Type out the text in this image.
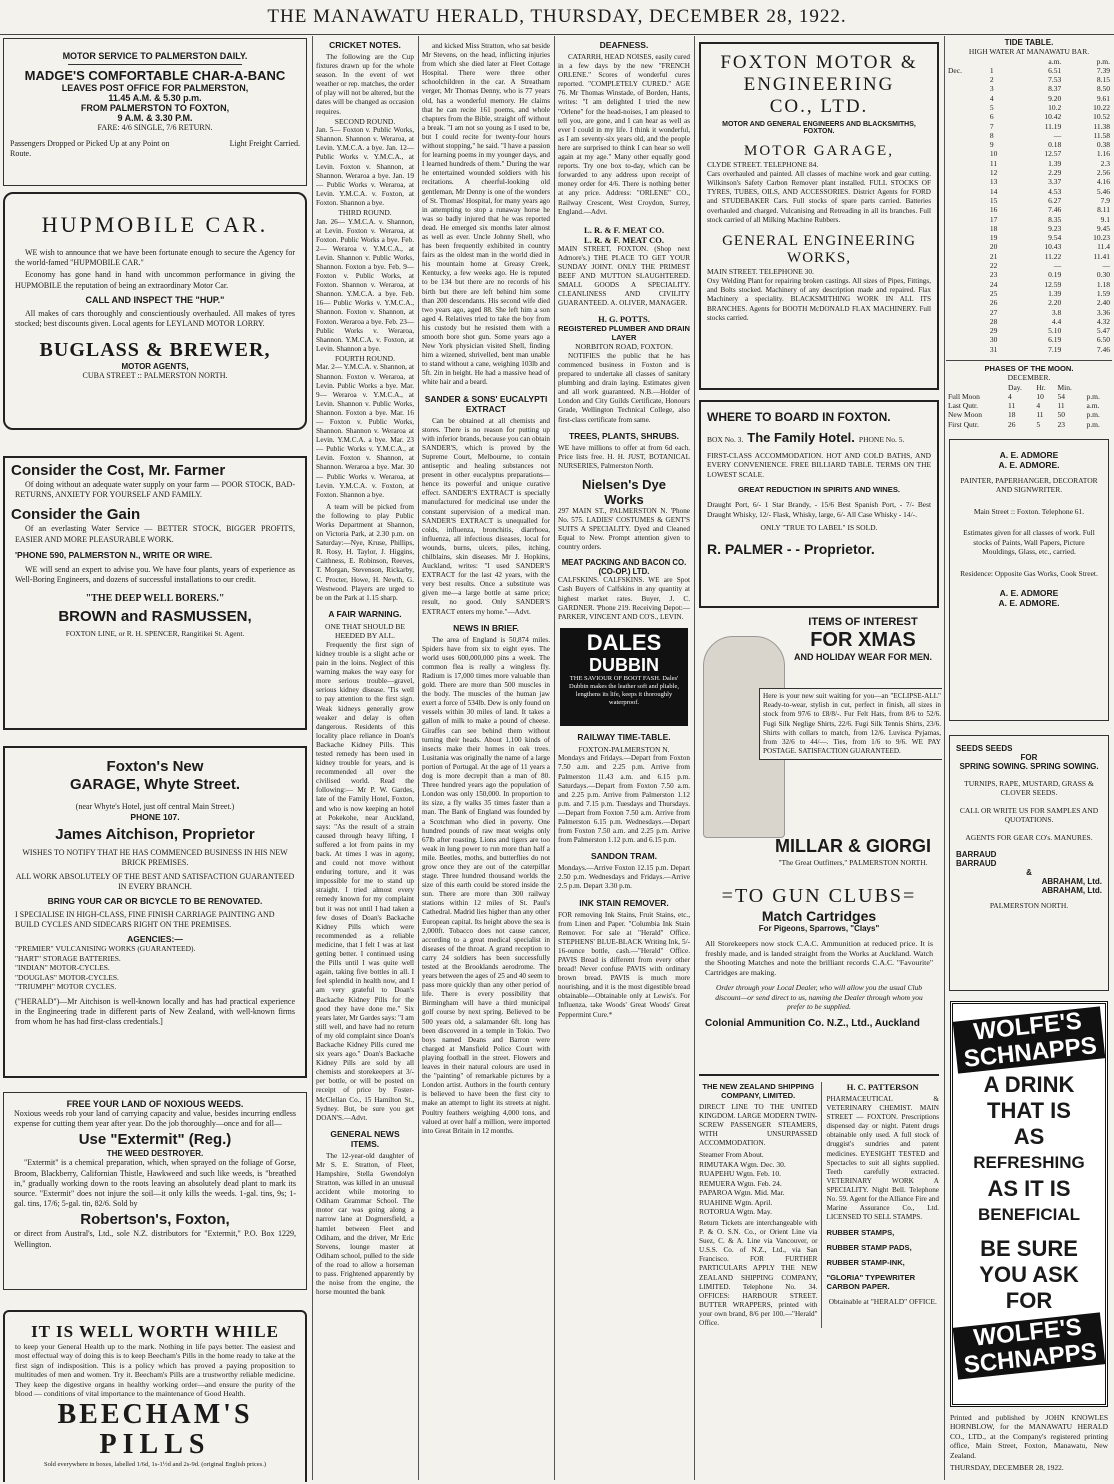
THE MANAWATU HERALD, THURSDAY, DECEMBER 28, 1922.
MOTOR SERVICE TO PALMERSTON DAILY.
MADGE'S COMFORTABLE CHAR-A-BANC
LEAVES POST OFFICE FOR PALMERSTON,
11.45 A.M. & 5.30 p.m.
FROM PALMERSTON TO FOXTON,
9 A.M. & 3.30 P.M.
FARE: 4/6 SINGLE, 7/6 RETURN.
Passengers Dropped or Picked Up at any Point on Route.
Light Freight Carried.
HUPMOBILE CAR.
WE wish to announce that we have been fortunate enough to secure the Agency for the world-famed "HUPMOBILE CAR."
Economy has gone hand in hand with uncommon performance in giving the HUPMOBILE the reputation of being an extraordinary Motor Car.
CALL AND INSPECT THE "HUP."
All makes of cars thoroughly and conscientiously overhauled. All makes of tyres stocked; best discounts given. Local agents for LEYLAND MOTOR LORRY.
BUGLASS & BREWER,
MOTOR AGENTS,
CUBA STREET :: PALMERSTON NORTH.
Consider the Cost, Mr. Farmer
Of doing without an adequate water supply on your farm — POOR STOCK, BAD-RETURNS, ANXIETY FOR YOURSELF AND FAMILY.
Consider the Gain
Of an everlasting Water Service — BETTER STOCK, BIGGER PROFITS, EASIER AND MORE PLEASURABLE WORK.
'PHONE 590, PALMERSTON N., WRITE OR WIRE.
WE will send an expert to advise you. We have four plants, years of experience as Well-Boring Engineers, and dozens of successful installations to our credit.
"THE DEEP WELL BORERS."
BROWN and RASMUSSEN,
FOXTON LINE, or R. H. SPENCER, Rangitikei St. Agent.
Foxton's New
GARAGE, Whyte Street.
(near Whyte's Hotel, just off central Main Street.)
PHONE 107.
James Aitchison, Proprietor
WISHES TO NOTIFY THAT HE HAS COMMENCED BUSINESS IN HIS NEW BRICK PREMISES.
ALL WORK ABSOLUTELY OF THE BEST AND SATISFACTION GUARANTEED IN EVERY BRANCH.
BRING YOUR CAR OR BICYCLE TO BE RENOVATED.
I SPECIALISE IN HIGH-CLASS, FINE FINISH CARRIAGE PAINTING AND BUILD CYCLES AND SIDECARS RIGHT ON THE PREMISES.
AGENCIES:—
"PREMIER" VULCANISING WORKS (GUARANTEED).
"HART" STORAGE BATTERIES.
"INDIAN" MOTOR-CYCLES.
"DOUGLAS" MOTOR-CYCLES.
"TRIUMPH" MOTOR CYCLES.
("HERALD")—Mr Aitchison is well-known locally and has had practical experience in the Engineering trade in different parts of New Zealand, with well-known firms from whom he has had first-class credentials.]
FREE YOUR LAND OF NOXIOUS WEEDS.
Noxious weeds rob your land of carrying capacity and value, besides incurring endless expense for cutting them year after year. Do the job thoroughly—once and for all—
Use "Extermit" (Reg.)
THE WEED DESTROYER.
"Extermit" is a chemical preparation, which, when sprayed on the foliage of Gorse, Broom, Blackberry, Californian Thistle, Hawkweed and such like weeds, is "breathed in," gradually working down to the roots leaving an absolutely dead plant to mark its source. "Extermit" does not injure the soil—it only kills the weeds. 1-gal. tins, 9s; 1-gal. tins, 17/6; 5-gal. tin, 82/6. Sold by
Robertson's, Foxton,
or direct from Austral's, Ltd., sole N.Z. distributors for "Extermit," P.O. Box 1229, Wellington.
IT IS WELL WORTH WHILE
to keep your General Health up to the mark. Nothing in life pays better. The easiest and most effectual way of doing this is to keep Beecham's Pills in the home ready to take at the first sign of indisposition. This is a policy which has proved a paying proposition to multitudes of men and women. Try it. Beecham's Pills are a trustworthy reliable medicine. They keep the digestive organs in healthy working order—and ensure the purity of the blood — conditions of vital importance to the maintenance of Good Health.
BEECHAM'S
PILLS
Sold everywhere in boxes, labelled 1/6d, 1s-1½d and 2s-9d. (original English prices.)
CRICKET NOTES.
The following are the Cup fixtures drawn up for the whole season. In the event of wet weather or rep. matches, the order of play will not be altered, but the dates will be changed as occasion requires.
SECOND ROUND.
Jan. 5— Foxton v. Public Works, Shannon. Shannon v. Weraroa, at Levin. Y.M.C.A. a bye. Jan. 12— Public Works v. Y.M.C.A., at Levin. Foxton v. Shannon, at Shannon. Weraroa a bye. Jan. 19— Public Works v. Weraroa, at Levin. Y.M.C.A. v. Foxton, at Foxton. Shannon a bye.
THIRD ROUND.
Jan. 26— Y.M.C.A. v. Shannon, at Levin. Foxton v. Weraroa, at Foxton. Public Works a bye. Feb. 2— Weraroa v. Y.M.C.A., at Levin. Shannon v. Public Works, Shannon. Foxton a bye. Feb. 9— Foxton v. Public Works, at Foxton. Shannon v. Weraroa, at Shannon. Y.M.C.A. a bye. Feb. 16— Public Works v. Y.M.C.A., Shannon. Foxton v. Shannon, at Foxton. Weraroa a bye. Feb. 23— Public Works v. Weraroa, Shannon. Y.M.C.A. v. Foxton, at Levin. Shannon a bye.
FOURTH ROUND.
Mar. 2— Y.M.C.A. v. Shannon, at Shannon. Foxton v. Weraroa, at Levin. Public Works a bye. Mar. 9— Weraroa v. Y.M.C.A., at Levin. Shannon v. Public Works, Shannon. Foxton a bye. Mar. 16— Foxton v. Public Works, Shannon. Shannon v. Weraroa at Levin. Y.M.C.A. a bye. Mar. 23— Public Works v. Y.M.C.A., at Levin. Foxton v. Shannon, at Shannon. Weraroa a bye. Mar. 30— Public Works v. Weraroa, at Levin. Y.M.C.A. v. Foxton, at Foxton. Shannon a bye.
A team will be picked from the following to play Public Works Department at Shannon, on Victoria Park, at 2.30 p.m. on Saturday:—Nye, Kruse, Phillips, R. Rosy, H. Taylor, J. Higgins, Caithness, E. Robinson, Reeves, T. Morgan, Stevenson, Rickarby, C. Procter, Howe, H. Newth, G. Westwood. Players are urged to be on the Park at 1.15 sharp.
A FAIR WARNING.
ONE THAT SHOULD BE HEEDED BY ALL.
Frequently the first sign of kidney trouble is a slight ache or pain in the loins. Neglect of this warning makes the way easy for more serious trouble—gravel, serious kidney disease. 'Tis well to pay attention to the first sign. Weak kidneys generally grow weaker and delay is often dangerous. Residents of this locality place reliance in Doan's Backache Kidney Pills. This tested remedy has been used in kidney trouble for years, and is recommended all over the civilised world. Read the following:— Mr P. W. Gardes, late of the Family Hotel, Foxton, and who is now keeping an hotel at Pokekohe, near Auckland, says: "As the result of a strain caused through heavy lifting, I suffered a lot from pains in my back. At times I was in agony, and could not move without enduring torture, and it was impossible for me to stand up straight. I tried almost every remedy known for my complaint but it was not until I had taken a few doses of Doan's Backache Kidney Pills which were recommended as a reliable medicine, that I felt I was at last getting better. I continued using the Pills until I was quite well again, taking five bottles in all. I feel splendid in health now, and I am very grateful to Doan's Backache Kidney Pills for the good they have done me." Six years later, Mr Gardes says: "I am still well, and have had no return of my old complaint since Doan's Backache Kidney Pills cured me six years ago." Doan's Backache Kidney Pills are sold by all chemists and storekeepers at 3/- per bottle, or will be posted on receipt of price by Foster-McClellan Co., 15 Hamilton St., Sydney. But, be sure you get DOAN'S.—Advt.
GENERAL NEWS ITEMS.
The 12-year-old daughter of Mr S. E. Stratton, of Fleet, Hampshire, Stella Gwendolyn Stratton, was killed in an unusual accident while motoring to Odiham Grammar School. The motor car was going along a narrow lane at Dogmersfield, a hamlet between Fleet and Odiham, and the driver, Mr Eric Stevens, lounge master at Odiham school, pulled to the side of the road to allow a horseman to pass. Frightened apparently by the noise from the engine, the horse mounted the bank
and kicked Miss Stratton, who sat beside Mr Stevens, on the head, inflicting injuries from which she died later at Fleet Cottage Hospital. There were three other schoolchildren in the car. A Streatham verger, Mr Thomas Denny, who is 77 years old, has a wonderful memory. He claims that he can recite 161 poems, and whole chapters from the Bible, straight off without a break. "I am not so young as I used to be, but I could recite for twenty-four hours without stopping," he said. "I have a passion for learning poems in my younger days, and I learned hundreds of them." During the war he entertained wounded soldiers with his recitations. A cheerful-looking old gentleman, Mr Denny is one of the wonders of St. Thomas' Hospital, for many years ago in attempting to stop a runaway horse he was so badly injured that he was reported dead. He emerged six months later almost as well as ever. Uncle Johnny Shell, who has been frequently exhibited in country fairs as the oldest man in the world died in his mountain home at Greasy Creek, Kentucky, a few weeks ago. He is reputed to be 134 but there are no records of his birth but there are left behind him some than 200 descendants. His second wife died two years ago, aged 88. She left him a son aged 4. Relatives tried to take the boy from his custody but he resisted them with a smooth bore shot gun. Some years ago a New York physician visited Shell, finding him a wizened, shrivelled, bent man unable to stand without a cane, weighing 103lb and 5ft. 2in in height. He had a massive head of white hair and a beard.
SANDER & SONS' EUCALYPTI EXTRACT
Can be obtained at all chemists and stores. There is no reason for putting up with inferior brands, because you can obtain SANDER'S, which is proved by the Supreme Court, Melbourne, to contain antiseptic and healing substances not present in other eucalyptus preparations—hence its powerful and unique curative effect. SANDER'S EXTRACT is specially manufactured for medicinal use under the constant supervision of a medical man. SANDER'S EXTRACT is unequalled for colds, influenza, bronchitis, diarrhoea, influenza, all infectious diseases, local for wounds, burns, ulcers, piles, itching, chilblains, skin diseases. Mr J. Hopkins, Auckland, writes: "I used SANDER'S EXTRACT for the last 42 years, with the very best results. Once a substitute was given me—a large bottle at same price; result, no good. Only SANDER'S EXTRACT enters my home."—Advt.
NEWS IN BRIEF.
The area of England is 50,874 miles. Spiders have from six to eight eyes. The world uses 600,000,000 pins a week. The common flea is really a wingless fly. Radium is 17,000 times more valuable than gold. There are more than 500 muscles in the body. The muscles of the human jaw exert a force of 534lb. Dew is only found on vessels within 30 miles of land. It takes a gallon of milk to make a pound of cheese. Giraffes can see behind them without turning their heads. About 1,100 kinds of insects make their homes in oak trees. Lusitania was originally the name of a large portion of Portugal. At the age of 11 years a dog is more decrepit than a man of 80. Three hundred years ago the population of London was only 150,000. In proportion to its size, a fly walks 35 times faster than a man. The Bank of England was founded by a Scotchman who died in poverty. One hundred pounds of raw meat weighs only 67lb after roasting. Lions and tigers are too weak in lung power to run more than half a mile. Beetles, moths, and butterflies do not grow once they are out of the caterpillar stage. Three hundred thousand worlds the size of this earth could be stored inside the sun. There are more than 300 railway stations within 12 miles of St. Paul's Cathedral. Madrid lies higher than any other European capital. Its height above the sea is 2,000ft. Tobacco does not cause cancer, according to a great medical specialist in diseases of the throat. A grand reception to carry 24 soldiers has been successfully tested at the Brooklands aerodrome. The years between the ages of 25 and 40 seem to pass more quickly than any other period of life. There is every possibility that Birmingham will have a third municipal golf course by next spring. Believed to be 500 years old, a salamander 6ft. long has been discovered in a temple in Tokio. Two boys named Deans and Barron were charged at Mansfield Police Court with playing football in the street. Flowers and leaves in their natural colours are used in the "painting" of remarkable pictures by a London artist. Authors in the fourth century is believed to have been the first city to make an attempt to light its streets at night. Poultry feathers weighing 4,000 tons, and valued at over half a million, were imported into Great Britain in 12 months.
DEAFNESS.
CATARRH, HEAD NOISES, easily cured in a few days by the new "FRENCH ORLENE." Scores of wonderful cures reported. "COMPLETELY CURED." AGE 76. Mr Thomas Winstade, of Borden, Hants, writes: "I am delighted I tried the new "Orlene" for the head-noises, I am pleased to tell you, are gone, and I can hear as well as ever I could in my life. I think it wonderful, as I am seventy-six years old, and the people here are surprised to think I can hear so well again at my age." Many other equally good reports. Try one box to-day, which can be forwarded to any address upon receipt of money order for 4/6. There is nothing better at any price. Address: "ORLENE" CO., Railway Crescent, West Croydon, Surrey, England.—Advt.
L. R. & F. MEAT CO.
L. R. & F. MEAT CO.
MAIN STREET, FOXTON. (Shop next Admore's.) THE PLACE TO GET YOUR SUNDAY JOINT. ONLY THE PRIMEST BEEF AND MUTTON SLAUGHTERED. SMALL GOODS A SPECIALITY. CLEANLINESS AND CIVILITY GUARANTEED. A. OLIVER, MANAGER.
H. G. POTTS.
REGISTERED PLUMBER AND DRAIN LAYER
NORBITON ROAD, FOXTON.
NOTIFIES the public that he has commenced business in Foxton and is prepared to undertake all classes of sanitary plumbing and drain laying. Estimates given and all work guaranteed. N.B.—Holder of London and City Guilds Certificate, Honours Grade, Wellington Technical College, also first-class certificate from same.
TREES, PLANTS, SHRUBS.
WE have millions to offer at from 6d each. Price lists free. H. H. JUST, BOTANICAL NURSERIES, Palmerston North.
Nielsen's Dye
Works
297 MAIN ST., PALMERSTON N. 'Phone No. 575. LADIES' COSTUMES & GENT'S SUITS A SPECIALITY. Dyed and Cleaned Equal to New. Prompt attention given to country orders.
MEAT PACKING AND BACON CO. (CO-OP.) LTD.
CALFSKINS. CALFSKINS. WE are Spot Cash Buyers of Calfskins in any quantity at highest market rates. Buyer, J. C. GARDNER. 'Phone 219. Receiving Depot:— PARKER, VINCENT AND CO'S., LEVIN.
DALES
DUBBIN
THE SAVIOUR OF BOOT FASH. Dales' Dubbin makes the leather soft and pliable, lengthens its life, keeps it thoroughly waterproof.
RAILWAY TIME-TABLE.
FOXTON-PALMERSTON N.
Mondays and Fridays.—Depart from Foxton 7.50 a.m. and 2.25 p.m. Arrive from Palmerston 11.43 a.m. and 6.15 p.m. Saturdays.—Depart from Foxton 7.50 a.m. and 2.25 p.m. Arrive from Palmerston 1.12 p.m. and 7.15 p.m. Tuesdays and Thursdays.—Depart from Foxton 7.50 a.m. Arrive from Palmerston 6.15 p.m. Wednesdays.—Depart from Foxton 7.50 a.m. and 2.25 p.m. Arrive from Palmerston 1.12 p.m. and 6.15 p.m.
SANDON TRAM.
Mondays.—Arrive Foxton 12.15 p.m. Depart 2.50 p.m. Wednesdays and Fridays.—Arrive 2.5 p.m. Depart 3.30 p.m.
INK STAIN REMOVER.
FOR removing Ink Stains, Fruit Stains, etc., from Linen and Paper. "Columbia Ink Stain Remover. For sale at "Herald" Office. STEPHENS' BLUE-BLACK Writing Ink, 5/- 16-ounce bottle, cash.—"Herald" Office. PAVIS Bread is different from every other bread! Never confuse PAVIS with ordinary brown bread. PAVIS is much more nourishing, and it is the most digestible bread obtainable—Obtainable only at Lewis's. For Influenza, take Woods' Great Woods' Great Peppermint Cure.*
FOXTON MOTOR &
ENGINEERING
CO., LTD.
MOTOR AND GENERAL ENGINEERS AND BLACKSMITHS, FOXTON.
MOTOR GARAGE,
CLYDE STREET. TELEPHONE 84.
Cars overhauled and painted. All classes of machine work and gear cutting. Wilkinson's Safety Carbon Remover plant installed. FULL STOCKS OF TYRES, TUBES, OILS, AND ACCESSORIES. District Agents for FORD and STUDEBAKER Cars. Full stocks of spare parts carried. Batteries overhauled and charged. Vulcanising and Retreading in all its branches. Full stock carried of all Milking Machine Rubbers.
GENERAL ENGINEERING
WORKS,
MAIN STREET. TELEPHONE 30.
Oxy Welding Plant for repairing broken castings. All sizes of Pipes, Fittings, and Bolts stocked. Machinery of any description made and repaired. Flax Machinery a speciality. BLACKSMITHING WORK IN ALL ITS BRANCHES. Agents for BOOTH McDONALD FLAX MACHINERY. Full stocks carried.
WHERE TO BOARD IN FOXTON.
BOX No. 3. The Family Hotel. PHONE No. 5.
FIRST-CLASS ACCOMMODATION. HOT AND COLD BATHS, AND EVERY CONVENIENCE. FREE BILLIARD TABLE. TERMS ON THE LOWEST SCALE.
GREAT REDUCTION IN SPIRITS AND WINES.
Draught Port, 6/- 1 Star Brandy, - 15/6 Best Spanish Port, - 7/- Best Draught Whisky, 12/- Flask, Whisky, large, 6/- All Case Whisky - 14/-.
ONLY "TRUE TO LABEL" IS SOLD.
R. PALMER - - Proprietor.
ITEMS OF INTEREST
FOR XMAS
AND HOLIDAY WEAR FOR MEN.
Here is your new suit waiting for you—an "ECLIPSE-ALL" Ready-to-wear, stylish in cut, perfect in finish, all sizes in stock from 97/6 to £8/8/-. Fur Felt Hats, from 8/6 to 52/6. Fugi Silk Neglige Shirts, 22/6. Fugi Silk Tennis Shirts, 23/6. Shirts with collars to match, from 12/6. Luvisca Pyjamas, from 32/6 to 44/—. Ties, from 1/6 to 9/6. WE PAY POSTAGE. SATISFACTION GUARANTEED.
MILLAR & GIORGI
"The Great Outfitters," PALMERSTON NORTH.
=TO GUN CLUBS=
Match Cartridges
For Pigeons, Sparrows, "Clays"
All Storekeepers now stock C.A.C. Ammunition at reduced price. It is freshly made, and is landed straight from the Works at Auckland. Watch the Shooting Matches and note the brilliant records C.A.C. "Favourite" Cartridges are making.
Order through your Local Dealer, who will allow you the usual Club discount—or send direct to us, naming the Dealer through whom you prefer to be supplied.
Colonial Ammunition Co. N.Z., Ltd., Auckland
THE NEW ZEALAND SHIPPING COMPANY, LIMITED.
DIRECT LINE TO THE UNITED KINGDOM. LARGE MODERN TWIN-SCREW PASSENGER STEAMERS, WITH UNSURPASSED ACCOMMODATION.
Steamer From About.
RIMUTAKA Wgtn. Dec. 30.
RUAPEHU Wgtn. Feb. 10.
REMUERA Wgtn. Feb. 24.
PAPAROA Wgtn. Mid. Mar.
RUAHINE Wgtn. April.
ROTORUA Wgtn. May.
Return Tickets are interchangeable with P. & O. S.N. Co., or Orient Line via Suez, C. & A. Line via Vancouver, or U.S.S. Co. of N.Z., Ltd., via San Francisco. FOR FURTHER PARTICULARS APPLY THE NEW ZEALAND SHIPPING COMPANY, LIMITED. Telephone No. 34. OFFICES: HARBOUR STREET. BUTTER WRAPPERS, printed with your own brand, 8/6 per 100.—"Herald" Office.
H. C. PATTERSON
PHARMACEUTICAL & VETERINARY CHEMIST. MAIN STREET — FOXTON. Prescriptions dispensed day or night. Patent drugs obtainable only used. A full stock of druggist's sundries and patent medicines. EYESIGHT TESTED and Spectacles to suit all sights supplied. Teeth carefully extracted. VETERINARY WORK A SPECIALITY. Night Bell. Telephone No. 59. Agent for the Alliance Fire and Marine Assurance Co., Ltd. LICENSED TO SELL STAMPS.
RUBBER STAMPS,
RUBBER STAMP PADS,
RUBBER STAMP-INK,
"GLORIA" TYPEWRITER CARBON PAPER.
Obtainable at "HERALD" OFFICE.
TIDE TABLE.
HIGH WATER AT MANAWATU BAR.
		a.m.	p.m.
Dec.	1	6.51	7.39
	2	7.53	8.15
	3	8.37	8.50
	4	9.20	9.61
	5	10.2	10.22
	6	10.42	10.52
	7	11.19	11.38
	8	—	11.58
	9	0.18	0.38
	10	12.57	1.16
	11	1.39	2.3
	12	2.29	2.56
	13	3.37	4.16
	14	4.53	5.46
	15	6.27	7.9
	16	7.46	8.11
	17	8.35	9.1
	18	9.23	9.45
	19	9.54	10.23
	20	10.43	11.4
	21	11.22	11.41
	22	—	—
	23	0.19	0.30
	24	12.59	1.18
	25	1.39	1.59
	26	2.20	2.40
	27	3.8	3.36
	28	4.4	4.32
	29	5.10	5.47
	30	6.19	6.50
	31	7.19	7.46
PHASES OF THE MOON.
DECEMBER.
	Day.	Hr.	Min.	
Full Moon	4	10	54	p.m.
Last Qutr.	11	4	11	a.m.
New Moon	18	11	50	p.m.
First Qutr.	26	5	23	p.m.
A. E. ADMORE
A. E. ADMORE.
PAINTER, PAPERHANGER, DECORATOR AND SIGNWRITER.
Main Street :: Foxton. Telephone 61.
Estimates given for all classes of work. Full stocks of Paints, Wall Papers, Picture Mouldings, Glass, etc., carried.
Residence: Opposite Gas Works, Cook Street.
A. E. ADMORE
A. E. ADMORE.
SEEDS SEEDS
FOR
SPRING SOWING. SPRING SOWING.
TURNIPS, RAPE, MUSTARD, GRASS & CLOVER SEEDS.
CALL OR WRITE US FOR SAMPLES AND QUOTATIONS.
AGENTS FOR GEAR CO's. MANURES.
BARRAUD
BARRAUD
&
ABRAHAM, Ltd.
ABRAHAM, Ltd.
PALMERSTON NORTH.
WOLFE'S SCHNAPPS
A DRINK
THAT IS
AS
REFRESHING
AS IT IS
BENEFICIAL
BE SURE
YOU ASK
FOR
WOLFE'S SCHNAPPS
Printed and published by JOHN KNOWLES HORNBLOW, for the MANAWATU HERALD CO., LTD., at the Company's registered printing office, Main Street, Foxton, Manawatu, New Zealand.
THURSDAY, DECEMBER 28, 1922.
